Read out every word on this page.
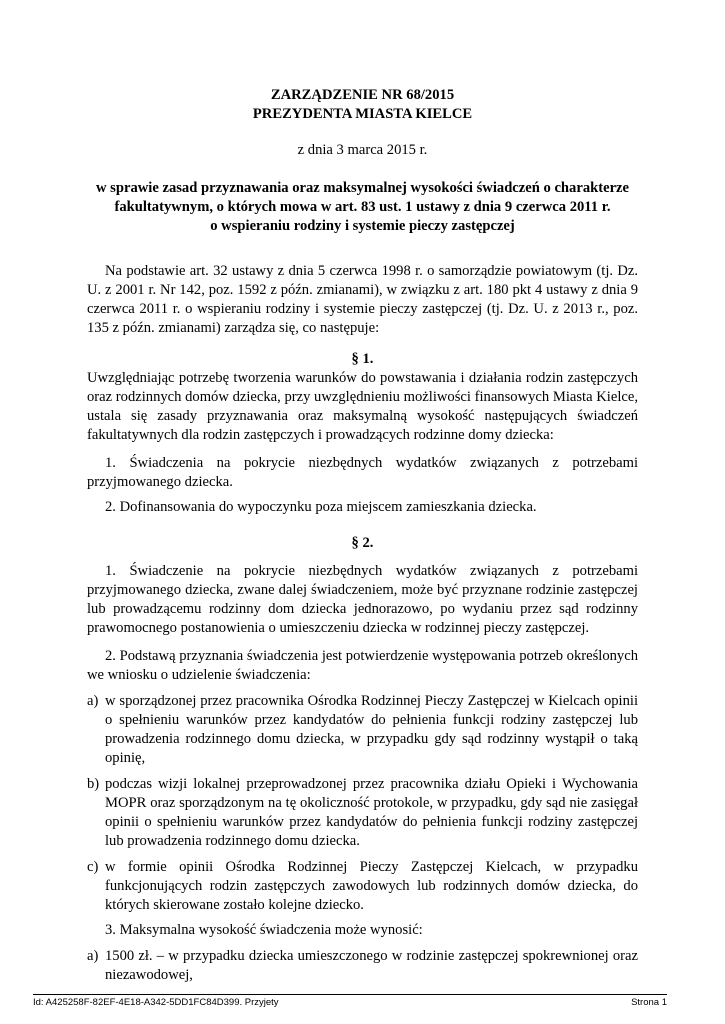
ZARZĄDZENIE NR 68/2015
PREZYDENTA MIASTA KIELCE
z dnia 3 marca 2015 r.
w sprawie zasad przyznawania oraz maksymalnej wysokości świadczeń o charakterze
fakultatywnym, o których mowa w art. 83 ust. 1 ustawy z dnia 9 czerwca 2011 r.
o wspieraniu rodziny i systemie pieczy zastępczej

Na podstawie art. 32 ustawy z dnia 5 czerwca 1998 r. o samorządzie powiatowym (tj. Dz. U. z 2001 r. Nr 142, poz. 1592 z późn. zmianami), w związku z art. 180 pkt 4 ustawy z dnia 9 czerwca 2011 r. o wspieraniu rodziny i systemie pieczy zastępczej (tj. Dz. U. z 2013 r., poz. 135 z późn. zmianami) zarządza się, co następuje:

§ 1.

Uwzględniając potrzebę tworzenia warunków do powstawania i działania rodzin zastępczych oraz rodzinnych domów dziecka, przy uwzględnieniu możliwości finansowych Miasta Kielce, ustala się zasady przyznawania oraz maksymalną wysokość następujących świadczeń fakultatywnych dla rodzin zastępczych i prowadzących rodzinne domy dziecka:

1. Świadczenia na pokrycie niezbędnych wydatków związanych z potrzebami przyjmowanego dziecka.

2. Dofinansowania do wypoczynku poza miejscem zamieszkania dziecka.

§ 2.

1. Świadczenie na pokrycie niezbędnych wydatków związanych z potrzebami przyjmowanego dziecka, zwane dalej świadczeniem, może być przyznane rodzinie zastępczej lub prowadzącemu rodzinny dom dziecka jednorazowo, po wydaniu przez sąd rodzinny prawomocnego postanowienia o umieszczeniu dziecka w rodzinnej pieczy zastępczej.

2. Podstawą przyznania świadczenia jest potwierdzenie występowania potrzeb określonych we wniosku o udzielenie świadczenia:

a) w sporządzonej przez pracownika Ośrodka Rodzinnej Pieczy Zastępczej w Kielcach opinii o spełnieniu warunków przez kandydatów do pełnienia funkcji rodziny zastępczej lub prowadzenia rodzinnego domu dziecka, w przypadku gdy sąd rodzinny wystąpił o taką opinię,

b) podczas wizji lokalnej przeprowadzonej przez pracownika działu Opieki i Wychowania MOPR oraz sporządzonym na tę okoliczność protokole, w przypadku, gdy sąd nie zasięgał opinii o spełnieniu warunków przez kandydatów do pełnienia funkcji rodziny zastępczej lub prowadzenia rodzinnego domu dziecka.

c) w formie opinii Ośrodka Rodzinnej Pieczy Zastępczej Kielcach, w przypadku funkcjonujących rodzin zastępczych zawodowych lub rodzinnych domów dziecka, do których skierowane zostało kolejne dziecko.

3. Maksymalna wysokość świadczenia może wynosić:

a) 1500 zł. – w przypadku dziecka umieszczonego w rodzinie zastępczej spokrewnionej oraz niezawodowej,

Id: A425258F-82EF-4E18-A342-5DD1FC84D399. Przyjety	Strona 1
